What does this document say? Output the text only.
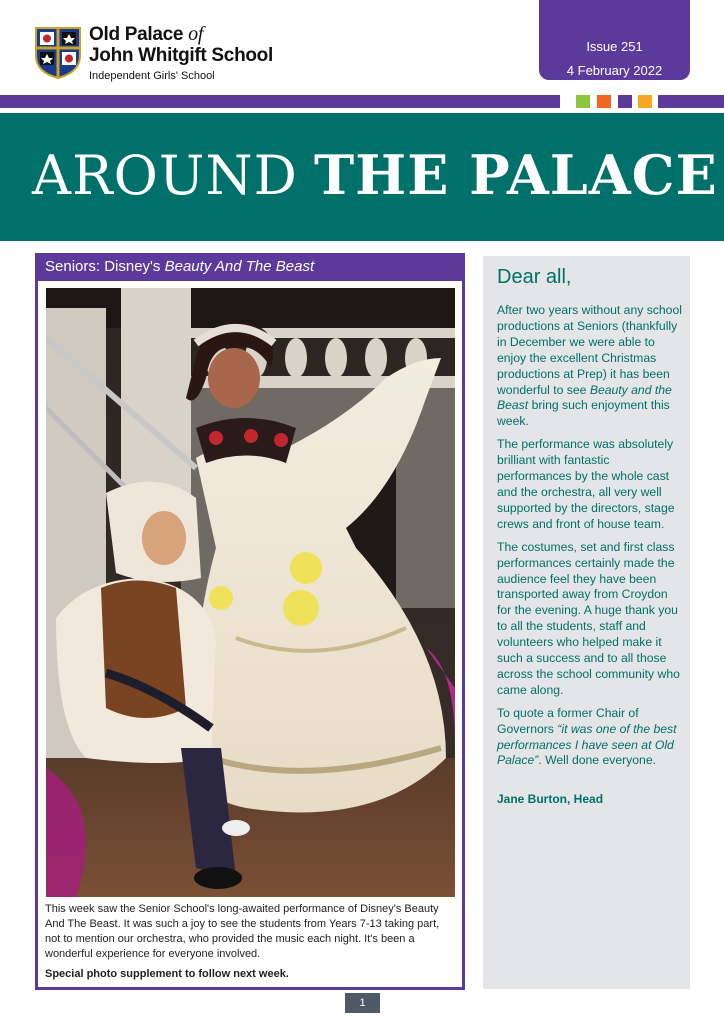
Old Palace of
John Whitgift School
Independent Girls' School
Issue 251
4 February 2022
AROUND THE PALACE
Seniors: Disney's Beauty And The Beast
This week saw the Senior School's long-awaited performance of Disney's Beauty And The Beast. It was such a joy to see the students from Years 7-13 taking part, not to mention our orchestra, who provided the music each night. It's been a wonderful experience for everyone involved.
Special photo supplement to follow next week.
Dear all,

After two years without any school productions at Seniors (thankfully in December we were able to enjoy the excellent Christmas productions at Prep) it has been wonderful to see Beauty and the Beast bring such enjoyment this week.

The performance was absolutely brilliant with fantastic performances by the whole cast and the orchestra, all very well supported by the directors, stage crews and front of house team.

The costumes, set and first class performances certainly made the audience feel they have been transported away from Croydon for the evening. A huge thank you to all the students, staff and volunteers who helped make it such a success and to all those across the school community who came along.

To quote a former Chair of Governors “it was one of the best performances I have seen at Old Palace”. Well done everyone.

Jane Burton, Head
1
